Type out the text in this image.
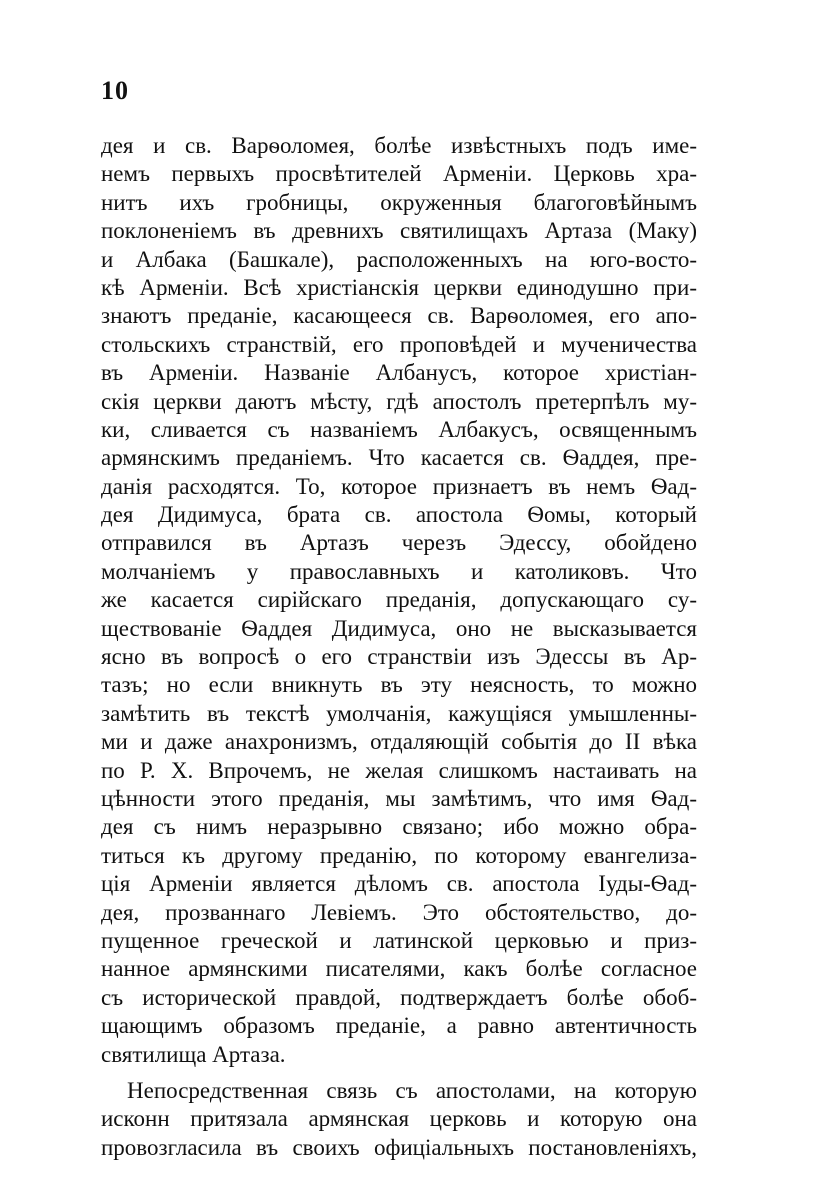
10
дея и св. Варѳоломея, болѣе извѣстныхъ подъ име-
немъ первыхъ просвѣтителей Арменіи. Церковь хра-
нитъ ихъ гробницы, окруженныя благоговѣйнымъ
поклоненіемъ въ древнихъ святилищахъ Артаза (Маку)
и Албака (Башкале), расположенныхъ на юго-восто-
кѣ Арменіи. Всѣ христіанскія церкви единодушно при-
знаютъ преданіе, касающееся св. Варѳоломея, его апо-
стольскихъ странствій, его проповѣдей и мученичества
въ Арменіи. Названіе Албанусъ, которое христіан-
скія церкви даютъ мѣсту, гдѣ апостолъ претерпѣлъ му-
ки, сливается съ названіемъ Албакусъ, освященнымъ
армянскимъ преданіемъ. Что касается св. Ѳаддея, пре-
данія расходятся. То, которое признаетъ въ немъ Ѳад-
дея Дидимуса, брата св. апостола Ѳомы, который
отправился въ Артазъ черезъ Эдессу, обойдено
молчаніемъ у православныхъ и католиковъ. Что
же касается сирійскаго преданія, допускающаго су-
ществованіе Ѳаддея Дидимуса, оно не высказывается
ясно въ вопросѣ о его странствіи изъ Эдессы въ Ар-
тазъ; но если вникнуть въ эту неясность, то можно
замѣтить въ текстѣ умолчанія, кажущіяся умышленны-
ми и даже анахронизмъ, отдаляющій событія до II вѣка
по Р. Х. Впрочемъ, не желая слишкомъ настаивать на
цѣнности этого преданія, мы замѣтимъ, что имя Ѳад-
дея съ нимъ неразрывно связано; ибо можно обра-
титься къ другому преданію, по которому евангелиза-
ція Арменіи является дѣломъ св. апостола Іуды-Ѳад-
дея, прозваннаго Левіемъ. Это обстоятельство, до-
пущенное греческой и латинской церковью и приз-
нанное армянскими писателями, какъ болѣе согласное
съ исторической правдой, подтверждаетъ болѣе обоб-
щающимъ образомъ преданіе, а равно автентичность
святилища Артаза.
Непосредственная связь съ апостолами, на которую
исконн притязала армянская церковь и которую она
провозгласила въ своихъ офиціальныхъ постановленіяхъ,
